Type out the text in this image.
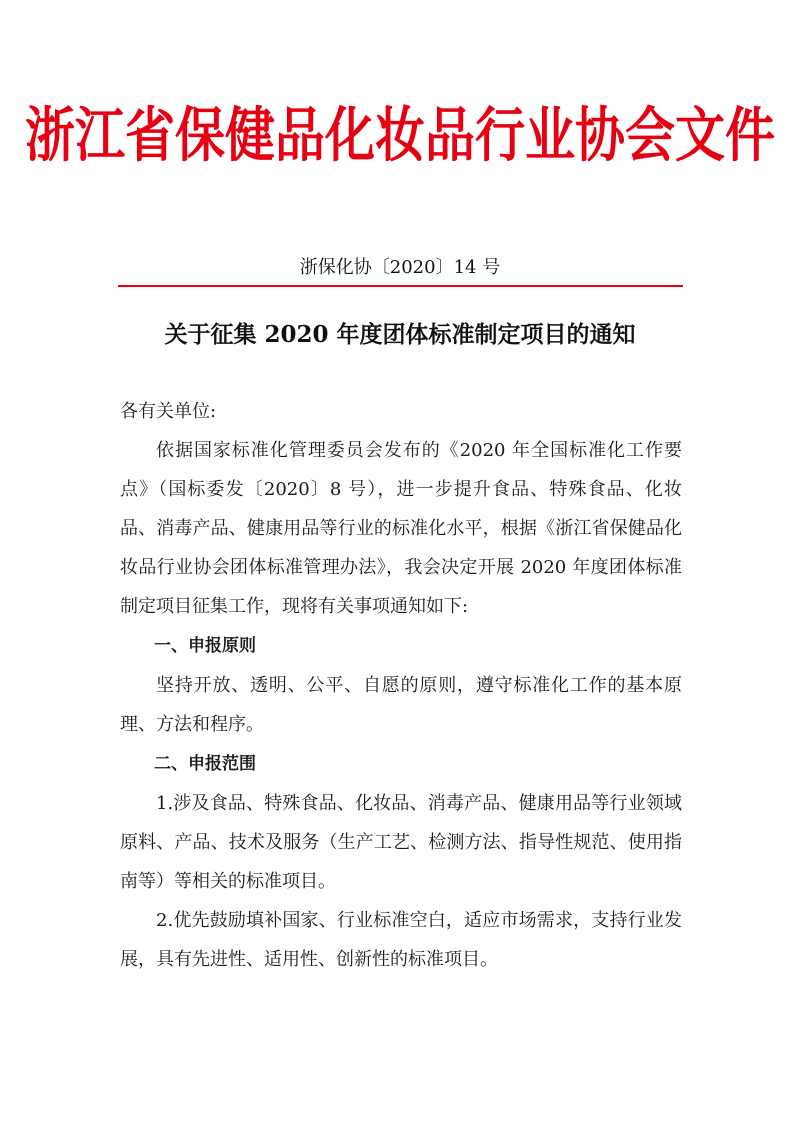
浙江省保健品化妆品行业协会文件
浙保化协〔2020〕14 号
关于征集 2020 年度团体标准制定项目的通知

各有关单位:

依据国家标准化管理委员会发布的《2020 年全国标准化工作要点》（国标委发〔2020〕8 号），进一步提升食品、特殊食品、化妆品、消毒产品、健康用品等行业的标准化水平，根据《浙江省保健品化妆品行业协会团体标准管理办法》，我会决定开展 2020 年度团体标准制定项目征集工作，现将有关事项通知如下:

一、申报原则

坚持开放、透明、公平、自愿的原则，遵守标准化工作的基本原理、方法和程序。

二、申报范围

1.涉及食品、特殊食品、化妆品、消毒产品、健康用品等行业领域原料、产品、技术及服务（生产工艺、检测方法、指导性规范、使用指南等）等相关的标准项目。

2.优先鼓励填补国家、行业标准空白，适应市场需求，支持行业发展，具有先进性、适用性、创新性的标准项目。
